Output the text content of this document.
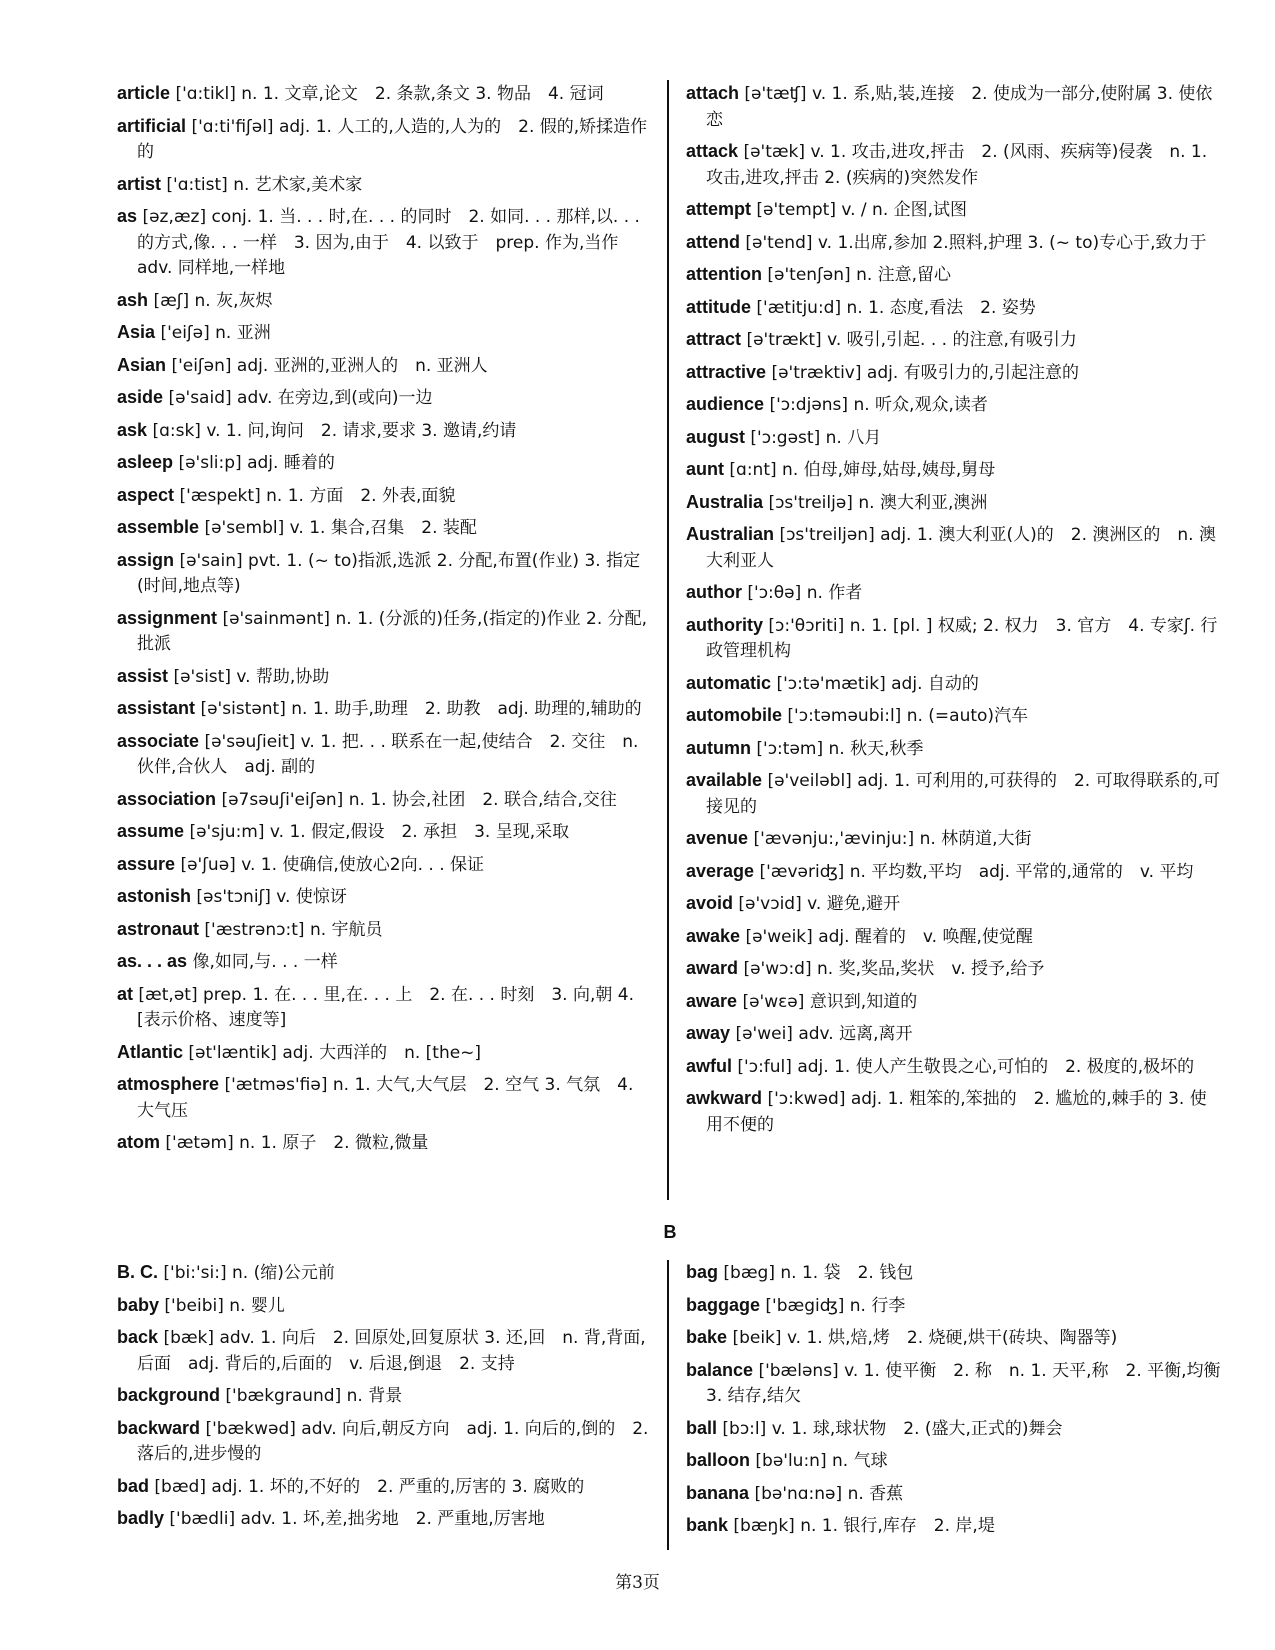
article ['ɑ:tikl] n. 1. 文章,论文　2. 条款,条文 3. 物品　4. 冠词
artificial ['ɑ:ti'fiʃəl] adj. 1. 人工的,人造的,人为的　2. 假的,矫揉造作的
artist ['ɑ:tist] n. 艺术家,美术家
as [əz,æz] conj. 1. 当. . . 时,在. . . 的同时　2. 如同. . . 那样,以. . . 的方式,像. . . 一样　3. 因为,由于　4. 以致于　prep. 作为,当作adv. 同样地,一样地
ash [æʃ] n. 灰,灰烬
Asia ['eiʃə] n. 亚洲
Asian ['eiʃən] adj. 亚洲的,亚洲人的　n. 亚洲人
aside [ə'said] adv. 在旁边,到(或向)一边
ask [ɑ:sk] v. 1. 问,询问　2. 请求,要求 3. 邀请,约请
asleep [ə'sli:p] adj. 睡着的
aspect ['æspekt] n. 1. 方面　2. 外表,面貌
assemble [ə'sembl] v. 1. 集合,召集　2. 装配
assign [ə'sain] pvt. 1. (~ to)指派,选派 2. 分配,布置(作业) 3. 指定(时间,地点等)
assignment [ə'sainmənt] n. 1. (分派的)任务,(指定的)作业 2. 分配,批派
assist [ə'sist] v. 帮助,协助
assistant [ə'sistənt] n. 1. 助手,助理　2. 助教　adj. 助理的,辅助的
associate [ə'səuʃieit] v. 1. 把. . . 联系在一起,使结合　2. 交往　n. 伙伴,合伙人　adj. 副的
association [ə7səuʃi'eiʃən] n. 1. 协会,社团　2. 联合,结合,交往
assume [ə'sju:m] v. 1. 假定,假设　2. 承担　3. 呈现,采取
assure [ə'ʃuə] v. 1. 使确信,使放心2向. . . 保证
astonish [əs'tɔniʃ] v. 使惊讶
astronaut ['æstrənɔ:t] n. 宇航员
as. . . as 像,如同,与. . . 一样
at [æt,ət] prep. 1. 在. . . 里,在. . . 上　2. 在. . . 时刻　3. 向,朝 4. [表示价格、速度等]
Atlantic [ət'læntik] adj. 大西洋的　n. [the~]
atmosphere ['ætməs'fiə] n. 1. 大气,大气层　2. 空气 3. 气氛　4. 大气压
atom ['ætəm] n. 1. 原子　2. 微粒,微量
attach [ə'tæʧ] v. 1. 系,贴,装,连接　2. 使成为一部分,使附属 3. 使依恋
attack [ə'tæk] v. 1. 攻击,进攻,抨击　2. (风雨、疾病等)侵袭　n. 1. 攻击,进攻,抨击 2. (疾病的)突然发作
attempt [ə'tempt] v. / n. 企图,试图
attend [ə'tend] v. 1.出席,参加 2.照料,护理 3. (~ to)专心于,致力于
attention [ə'tenʃən] n. 注意,留心
attitude ['ætitju:d] n. 1. 态度,看法　2. 姿势
attract [ə'trækt] v. 吸引,引起. . . 的注意,有吸引力
attractive [ə'træktiv] adj. 有吸引力的,引起注意的
audience ['ɔ:djəns] n. 听众,观众,读者
august ['ɔ:gəst] n. 八月
aunt [ɑ:nt] n. 伯母,婶母,姑母,姨母,舅母
Australia [ɔs'treiljə] n. 澳大利亚,澳洲
Australian [ɔs'treiljən] adj. 1. 澳大利亚(人)的　2. 澳洲区的　n. 澳大利亚人
author ['ɔ:θə] n. 作者
authority [ɔ:'θɔriti] n. 1. [pl. ] 权威; 2. 权力　3. 官方　4. 专家ʃ. 行政管理机构
automatic ['ɔ:tə'mætik] adj. 自动的
automobile ['ɔ:təməubi:l] n. (=auto)汽车
autumn ['ɔ:təm] n. 秋天,秋季
available [ə'veiləbl] adj. 1. 可利用的,可获得的　2. 可取得联系的,可接见的
avenue ['ævənju:,'ævinju:] n. 林荫道,大街
average ['ævəriʤ] n. 平均数,平均　adj. 平常的,通常的　v. 平均
avoid [ə'vɔid] v. 避免,避开
awake [ə'weik] adj. 醒着的　v. 唤醒,使觉醒
award [ə'wɔ:d] n. 奖,奖品,奖状　v. 授予,给予
aware [ə'wɛə] 意识到,知道的
away [ə'wei] adv. 远离,离开
awful ['ɔ:ful] adj. 1. 使人产生敬畏之心,可怕的　2. 极度的,极坏的
awkward ['ɔ:kwəd] adj. 1. 粗笨的,笨拙的　2. 尴尬的,棘手的 3. 使用不便的
B
B. C. ['bi:'si:] n. (缩)公元前
baby ['beibi] n. 婴儿
back [bæk] adv. 1. 向后　2. 回原处,回复原状 3. 还,回　n. 背,背面,后面　adj. 背后的,后面的　v. 后退,倒退　2. 支持
background ['bækgraund] n. 背景
backward ['bækwəd] adv. 向后,朝反方向　adj. 1. 向后的,倒的　2. 落后的,进步慢的
bad [bæd] adj. 1. 坏的,不好的　2. 严重的,厉害的 3. 腐败的
badly ['bædli] adv. 1. 坏,差,拙劣地　2. 严重地,厉害地
bag [bæg] n. 1. 袋　2. 钱包
baggage ['bægiʤ] n. 行李
bake [beik] v. 1. 烘,焙,烤　2. 烧硬,烘干(砖块、陶器等)
balance ['bæləns] v. 1. 使平衡　2. 称　n. 1. 天平,称　2. 平衡,均衡 3. 结存,结欠
ball [bɔ:l] v. 1. 球,球状物　2. (盛大,正式的)舞会
balloon [bə'lu:n] n. 气球
banana [bə'nɑ:nə] n. 香蕉
bank [bæŋk] n. 1. 银行,库存　2. 岸,堤
第3页
